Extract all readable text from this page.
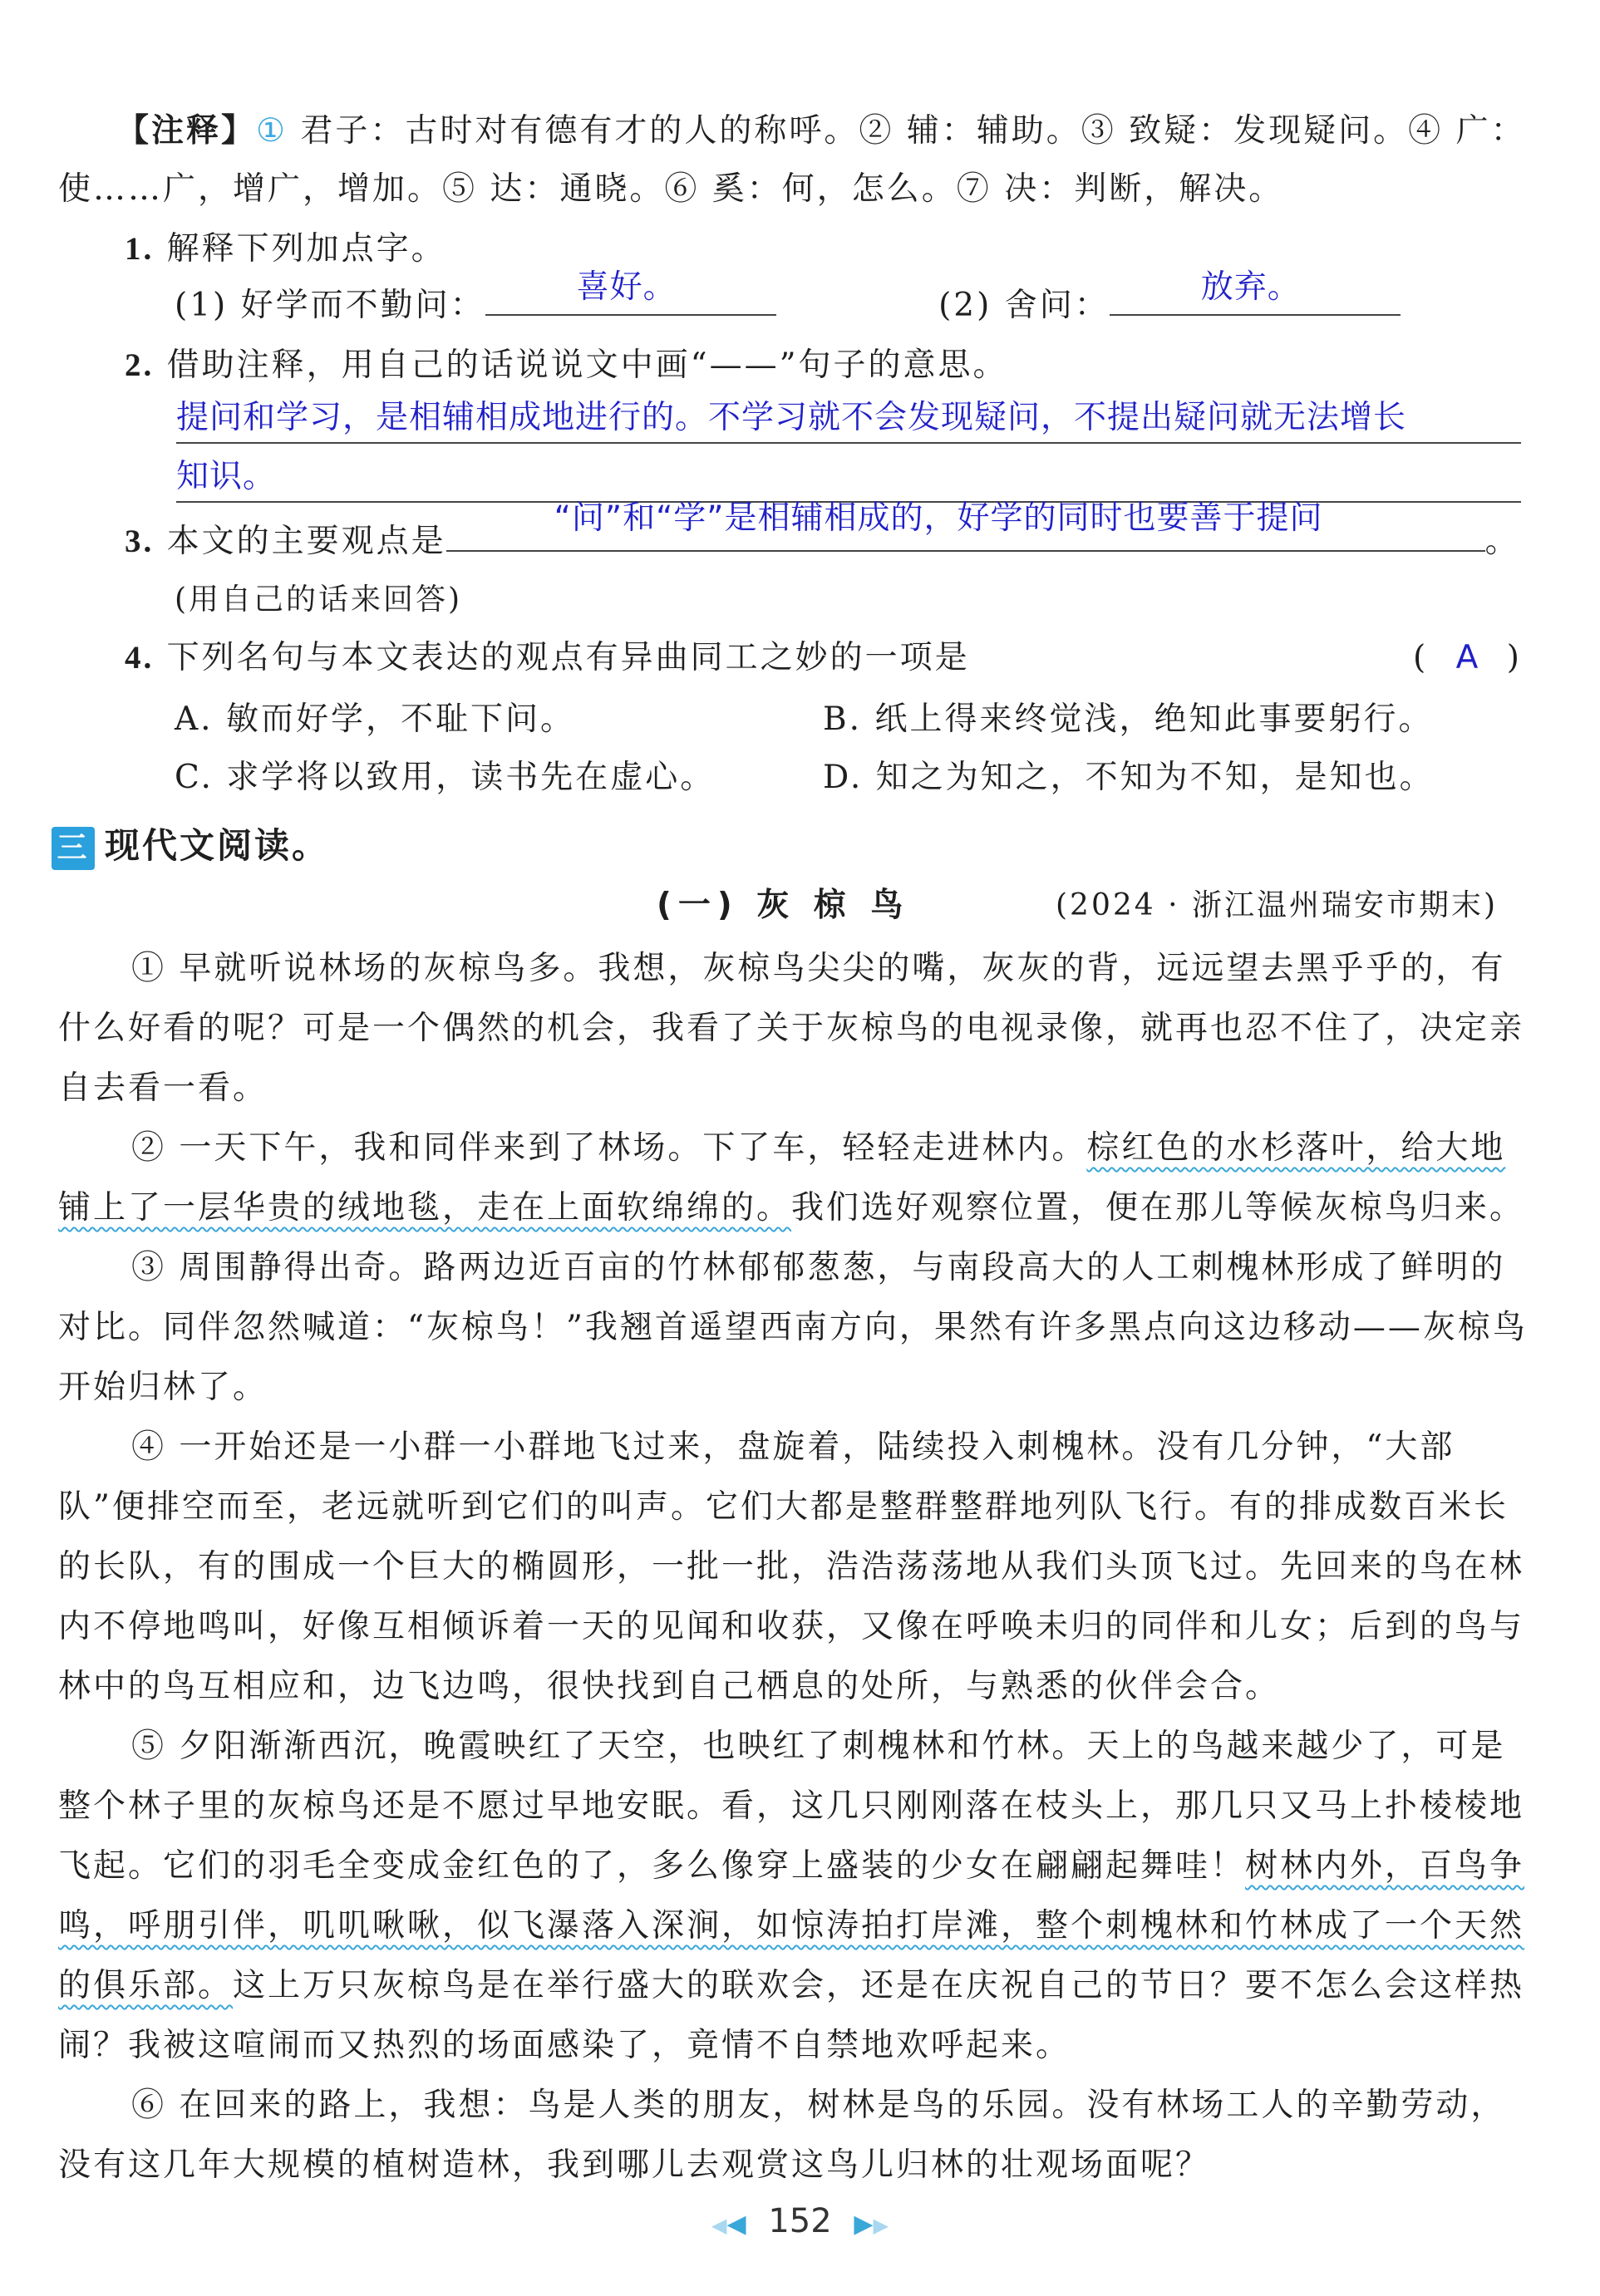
【注释】① 君子：古时对有德有才的人的称呼。② 辅：辅助。③ 致疑：发现疑问。④ 广：
使……广，增广，增加。⑤ 达：通晓。⑥ 奚：何，怎么。⑦ 决：判断，解决。
1. 解释下列加点字。
(1) 好学而不勤问：	喜好。	(2) 舍问：	放弃。
2. 借助注释，用自己的话说说文中画“——”句子的意思。
提问和学习，是相辅相成地进行的。不学习就不会发现疑问，不提出疑问就无法增长
知识。
3. 本文的主要观点是
“问”和“学”是相辅相成的，好学的同时也要善于提问
。
(用自己的话来回答)
4. 下列名句与本文表达的观点有异曲同工之妙的一项是	( A )
A. 敏而好学，不耻下问。	B. 纸上得来终觉浅，绝知此事要躬行。
C. 求学将以致用，读书先在虚心。	D. 知之为知之，不知为不知，是知也。
三 现代文阅读。
(一) 灰 椋 鸟	(2024 · 浙江温州瑞安市期末)
① 早就听说林场的灰椋鸟多。我想，灰椋鸟尖尖的嘴，灰灰的背，远远望去黑乎乎的，有什么好看的呢？可是一个偶然的机会，我看了关于灰椋鸟的电视录像，就再也忍不住了，决定亲自去看一看。
② 一天下午，我和同伴来到了林场。下了车，轻轻走进林内。棕红色的水杉落叶，给大地铺上了一层华贵的绒地毯，走在上面软绵绵的。我们选好观察位置，便在那儿等候灰椋鸟归来。
③ 周围静得出奇。路两边近百亩的竹林郁郁葱葱，与南段高大的人工刺槐林形成了鲜明的对比。同伴忽然喊道：“灰椋鸟！”我翘首遥望西南方向，果然有许多黑点向这边移动——灰椋鸟开始归林了。
④ 一开始还是一小群一小群地飞过来，盘旋着，陆续投入刺槐林。没有几分钟，“大部队”便排空而至，老远就听到它们的叫声。它们大都是整群整群地列队飞行。有的排成数百米长的长队，有的围成一个巨大的椭圆形，一批一批，浩浩荡荡地从我们头顶飞过。先回来的鸟在林内不停地鸣叫，好像互相倾诉着一天的见闻和收获，又像在呼唤未归的同伴和儿女；后到的鸟与林中的鸟互相应和，边飞边鸣，很快找到自己栖息的处所，与熟悉的伙伴会合。
⑤ 夕阳渐渐西沉，晚霞映红了天空，也映红了刺槐林和竹林。天上的鸟越来越少了，可是整个林子里的灰椋鸟还是不愿过早地安眠。看，这几只刚刚落在枝头上，那几只又马上扑棱棱地飞起。它们的羽毛全变成金红色的了，多么像穿上盛装的少女在翩翩起舞哇！树林内外，百鸟争鸣，呼朋引伴，叽叽啾啾，似飞瀑落入深涧，如惊涛拍打岸滩，整个刺槐林和竹林成了一个天然的俱乐部。这上万只灰椋鸟是在举行盛大的联欢会，还是在庆祝自己的节日？要不怎么会这样热闹？我被这喧闹而又热烈的场面感染了，竟情不自禁地欢呼起来。
⑥ 在回来的路上，我想：鸟是人类的朋友，树林是鸟的乐园。没有林场工人的辛勤劳动，没有这几年大规模的植树造林，我到哪儿去观赏这鸟儿归林的壮观场面呢？
◀◀ 152 ▶▶
